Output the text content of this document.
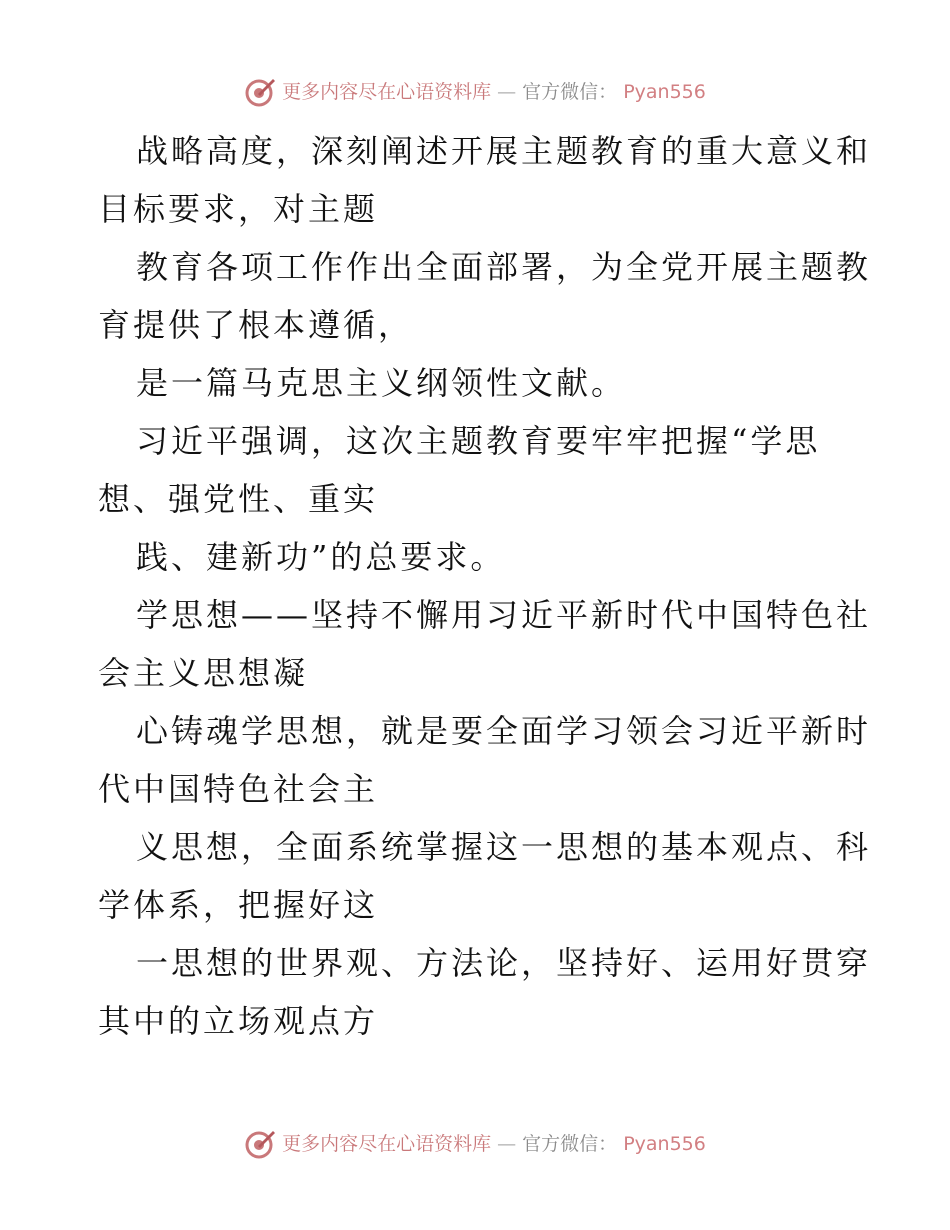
更多内容尽在心语资料库 — 官方微信： Pyan556

战略高度，深刻阐述开展主题教育的重大意义和
目标要求，对主题

教育各项工作作出全面部署，为全党开展主题教
育提供了根本遵循，

是一篇马克思主义纲领性文献。

习近平强调，这次主题教育要牢牢把握“学思
想、强党性、重实

践、建新功”的总要求。

学思想——坚持不懈用习近平新时代中国特色社
会主义思想凝

心铸魂学思想，就是要全面学习领会习近平新时
代中国特色社会主

义思想，全面系统掌握这一思想的基本观点、科
学体系，把握好这

一思想的世界观、方法论，坚持好、运用好贯穿
其中的立场观点方

更多内容尽在心语资料库 — 官方微信： Pyan556
